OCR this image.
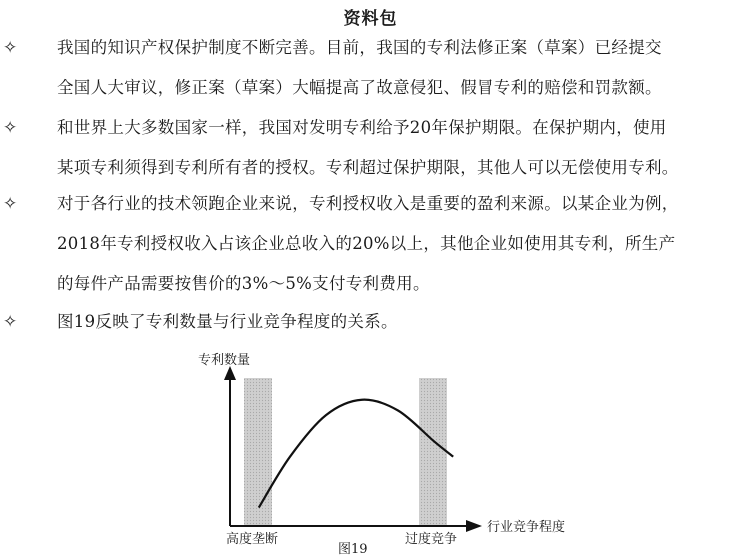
资料包
✧ 我国的知识产权保护制度不断完善。目前，我国的专利法修正案（草案）已经提交
全国人大审议，修正案（草案）大幅提高了故意侵犯、假冒专利的赔偿和罚款额。
✧ 和世界上大多数国家一样，我国对发明专利给予20年保护期限。在保护期内，使用
某项专利须得到专利所有者的授权。专利超过保护期限，其他人可以无偿使用专利。
✧ 对于各行业的技术领跑企业来说，专利授权收入是重要的盈利来源。以某企业为例，
2018年专利授权收入占该企业总收入的20%以上，其他企业如使用其专利，所生产
的每件产品需要按售价的3%～5%支付专利费用。
✧ 图19反映了专利数量与行业竞争程度的关系。
专利数量
行业竞争程度
高度垄断	过度竞争
图19
